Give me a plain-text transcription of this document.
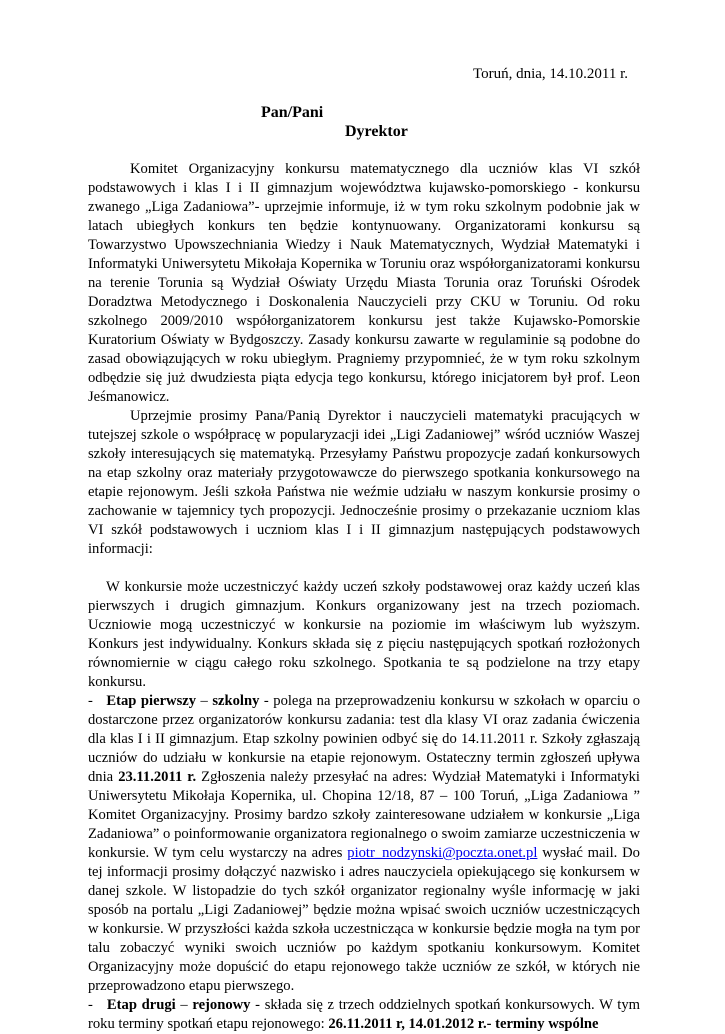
Toruń, dnia, 14.10.2011 r.
Pan/Pani
Dyrektor

Komitet Organizacyjny konkursu matematycznego dla uczniów klas VI szkół podstawowych i klas I i II gimnazjum województwa kujawsko-pomorskiego - konkursu zwanego „Liga Zadaniowa”- uprzejmie informuje, iż w tym roku szkolnym podobnie jak w latach ubiegłych konkurs ten będzie kontynuowany. Organizatorami konkursu są Towarzystwo Upowszechniania Wiedzy i Nauk Matematycznych, Wydział Matematyki i Informatyki Uniwersytetu Mikołaja Kopernika w Toruniu oraz współorganizatorami konkursu na terenie Torunia są Wydział Oświaty Urzędu Miasta Torunia oraz Toruński Ośrodek Doradztwa Metodycznego i Doskonalenia Nauczycieli przy CKU w Toruniu. Od roku szkolnego 2009/2010 współorganizatorem konkursu jest także Kujawsko-Pomorskie Kuratorium Oświaty w Bydgoszczy. Zasady konkursu zawarte w regulaminie są podobne do zasad obowiązujących w roku ubiegłym. Pragniemy przypomnieć, że w tym roku szkolnym odbędzie się już dwudziesta piąta edycja tego konkursu, którego inicjatorem był prof. Leon Jeśmanowicz.

Uprzejmie prosimy Pana/Panią Dyrektor i nauczycieli matematyki pracujących w tutejszej szkole o współpracę w popularyzacji idei „Ligi Zadaniowej” wśród uczniów Waszej szkoły interesujących się matematyką. Przesyłamy Państwu propozycje zadań konkursowych na etap szkolny oraz materiały przygotowawcze do pierwszego spotkania konkursowego na etapie rejonowym. Jeśli szkoła Państwa nie weźmie udziału w naszym konkursie prosimy o zachowanie w tajemnicy tych propozycji. Jednocześnie prosimy o przekazanie uczniom klas VI szkół podstawowych i uczniom klas I i II gimnazjum następujących podstawowych informacji:

W konkursie może uczestniczyć każdy uczeń szkoły podstawowej oraz każdy uczeń klas pierwszych i drugich gimnazjum. Konkurs organizowany jest na trzech poziomach. Uczniowie mogą uczestniczyć w konkursie na poziomie im właściwym lub wyższym. Konkurs jest indywidualny. Konkurs składa się z pięciu następujących spotkań rozłożonych równomiernie w ciągu całego roku szkolnego. Spotkania te są podzielone na trzy etapy konkursu.

- Etap pierwszy – szkolny - polega na przeprowadzeniu konkursu w szkołach w oparciu o dostarczone przez organizatorów konkursu zadania: test dla klasy VI oraz zadania ćwiczenia dla klas I i II gimnazjum. Etap szkolny powinien odbyć się do 14.11.2011 r. Szkoły zgłaszają uczniów do udziału w konkursie na etapie rejonowym. Ostateczny termin zgłoszeń upływa dnia 23.11.2011 r. Zgłoszenia należy przesyłać na adres: Wydział Matematyki i Informatyki Uniwersytetu Mikołaja Kopernika, ul. Chopina 12/18, 87 – 100 Toruń, „Liga Zadaniowa ” Komitet Organizacyjny. Prosimy bardzo szkoły zainteresowane udziałem w konkursie „Liga Zadaniowa” o poinformowanie organizatora regionalnego o swoim zamiarze uczestniczenia w konkursie. W tym celu wystarczy na adres piotr_nodzynski@poczta.onet.pl wysłać mail. Do tej informacji prosimy dołączyć nazwisko i adres nauczyciela opiekującego się konkursem w danej szkole. W listopadzie do tych szkół organizator regionalny wyśle informację w jaki sposób na portalu „Ligi Zadaniowej” będzie można wpisać swoich uczniów uczestniczących w konkursie. W przyszłości każda szkoła uczestnicząca w konkursie będzie mogła na tym por talu zobaczyć wyniki swoich uczniów po każdym spotkaniu konkursowym. Komitet Organizacyjny może dopuścić do etapu rejonowego także uczniów ze szkół, w których nie przeprowadzono etapu pierwszego.

- Etap drugi – rejonowy - składa się z trzech oddzielnych spotkań konkursowych. W tym roku terminy spotkań etapu rejonowego: 26.11.2011 r, 14.01.2012 r.- terminy wspólne
